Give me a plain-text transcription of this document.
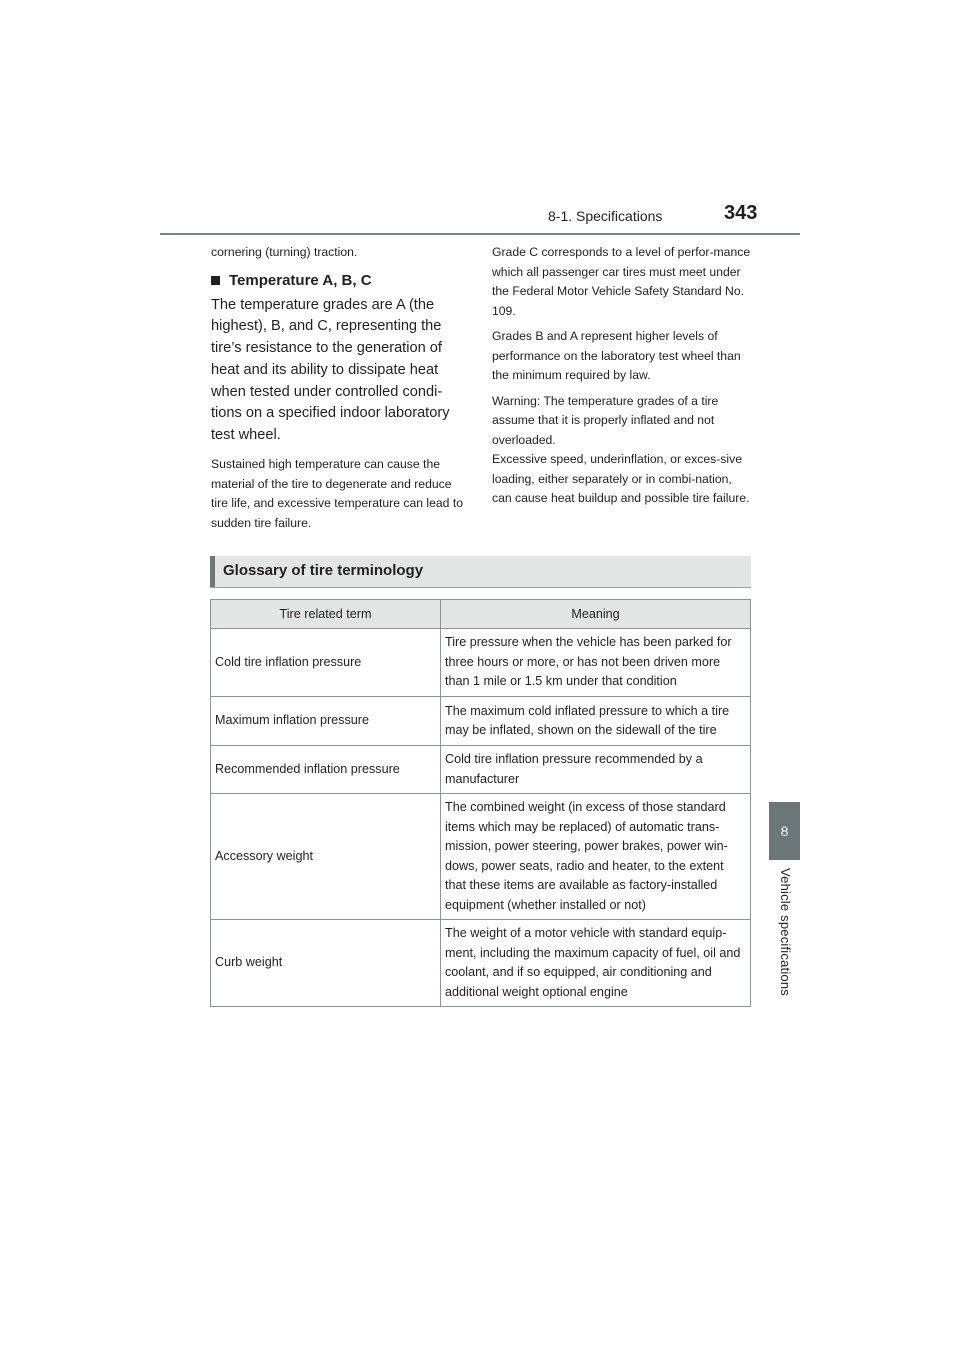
8-1. Specifications	343
8
Vehicle specifications

cornering (turning) traction.

Temperature A, B, C

The temperature grades are A (the highest), B, and C, representing the tire’s resistance to the generation of heat and its ability to dissipate heat when tested under controlled condi-tions on a specified indoor laboratory test wheel.

Sustained high temperature can cause the material of the tire to degenerate and reduce tire life, and excessive temperature can lead to sudden tire failure.

Grade C corresponds to a level of perfor-mance which all passenger car tires must meet under the Federal Motor Vehicle Safety Standard No. 109.

Grades B and A represent higher levels of performance on the laboratory test wheel than the minimum required by law.

Warning: The temperature grades of a tire assume that it is properly inflated and not overloaded.

Excessive speed, underinflation, or exces-sive loading, either separately or in combi-nation, can cause heat buildup and possible tire failure.

Glossary of tire terminology
Tire related term	Meaning
Cold tire inflation pressure	Tire pressure when the vehicle has been parked for three hours or more, or has not been driven more than 1 mile or 1.5 km under that condition
Maximum inflation pressure	The maximum cold inflated pressure to which a tire may be inflated, shown on the sidewall of the tire
Recommended inflation pressure	Cold tire inflation pressure recommended by a manufacturer
Accessory weight	The combined weight (in excess of those standard items which may be replaced) of automatic trans-mission, power steering, power brakes, power win-dows, power seats, radio and heater, to the extent that these items are available as factory-installed equipment (whether installed or not)
Curb weight	The weight of a motor vehicle with standard equip-ment, including the maximum capacity of fuel, oil and coolant, and if so equipped, air conditioning and additional weight optional engine
